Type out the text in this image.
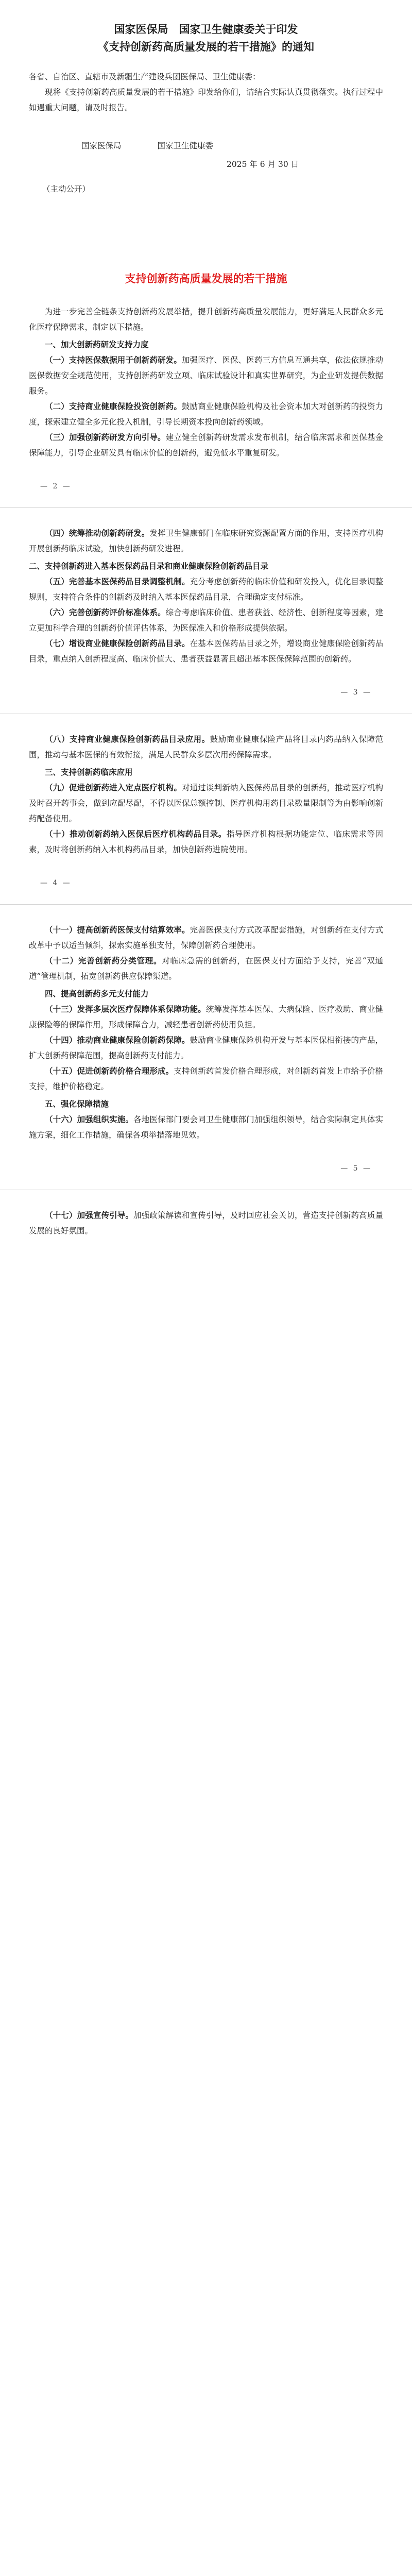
国家医保局　国家卫生健康委关于印发
《支持创新药高质量发展的若干措施》的通知

各省、自治区、直辖市及新疆生产建设兵团医保局、卫生健康委：

现将《支持创新药高质量发展的若干措施》印发给你们，请结合实际认真贯彻落实。执行过程中如遇重大问题，请及时报告。

国家医保局	国家卫生健康委

2025 年 6 月 30 日

（主动公开）

支持创新药高质量发展的若干措施

为进一步完善全链条支持创新药发展举措，提升创新药高质量发展能力，更好满足人民群众多元化医疗保障需求，制定以下措施。

一、加大创新药研发支持力度

（一）支持医保数据用于创新药研发。加强医疗、医保、医药三方信息互通共享，依法依规推动医保数据安全规范使用，支持创新药研发立项、临床试验设计和真实世界研究，为企业研发提供数据服务。

（二）支持商业健康保险投资创新药。鼓励商业健康保险机构及社会资本加大对创新药的投资力度，探索建立健全多元化投入机制，引导长期资本投向创新药领域。

（三）加强创新药研发方向引导。建立健全创新药研发需求发布机制，结合临床需求和医保基金保障能力，引导企业研发具有临床价值的创新药，避免低水平重复研发。

— 2 —

（四）统筹推动创新药研发。发挥卫生健康部门在临床研究资源配置方面的作用，支持医疗机构开展创新药临床试验，加快创新药研发进程。

二、支持创新药进入基本医保药品目录和商业健康保险创新药品目录

（五）完善基本医保药品目录调整机制。充分考虑创新药的临床价值和研发投入，优化目录调整规则，支持符合条件的创新药及时纳入基本医保药品目录，合理确定支付标准。

（六）完善创新药评价标准体系。综合考虑临床价值、患者获益、经济性、创新程度等因素，建立更加科学合理的创新药价值评估体系，为医保准入和价格形成提供依据。

（七）增设商业健康保险创新药品目录。在基本医保药品目录之外，增设商业健康保险创新药品目录，重点纳入创新程度高、临床价值大、患者获益显著且超出基本医保保障范围的创新药。

— 3 —

（八）支持商业健康保险创新药品目录应用。鼓励商业健康保险产品将目录内药品纳入保障范围，推动与基本医保的有效衔接，满足人民群众多层次用药保障需求。

三、支持创新药临床应用

（九）促进创新药进入定点医疗机构。对通过谈判新纳入医保药品目录的创新药，推动医疗机构及时召开药事会，做到应配尽配，不得以医保总额控制、医疗机构用药目录数量限制等为由影响创新药配备使用。

（十）推动创新药纳入医保后医疗机构药品目录。指导医疗机构根据功能定位、临床需求等因素，及时将创新药纳入本机构药品目录，加快创新药进院使用。

— 4 —

（十一）提高创新药医保支付结算效率。完善医保支付方式改革配套措施，对创新药在支付方式改革中予以适当倾斜，探索实施单独支付，保障创新药合理使用。

（十二）完善创新药分类管理。对临床急需的创新药，在医保支付方面给予支持，完善“双通道”管理机制，拓宽创新药供应保障渠道。

四、提高创新药多元支付能力

（十三）发挥多层次医疗保障体系保障功能。统筹发挥基本医保、大病保险、医疗救助、商业健康保险等的保障作用，形成保障合力，减轻患者创新药使用负担。

（十四）推动商业健康保险创新药保障。鼓励商业健康保险机构开发与基本医保相衔接的产品，扩大创新药保障范围，提高创新药支付能力。

（十五）促进创新药价格合理形成。支持创新药首发价格合理形成，对创新药首发上市给予价格支持，维护价格稳定。

五、强化保障措施

（十六）加强组织实施。各地医保部门要会同卫生健康部门加强组织领导，结合实际制定具体实施方案，细化工作措施，确保各项举措落地见效。

— 5 —

（十七）加强宣传引导。加强政策解读和宣传引导，及时回应社会关切，营造支持创新药高质量发展的良好氛围。
